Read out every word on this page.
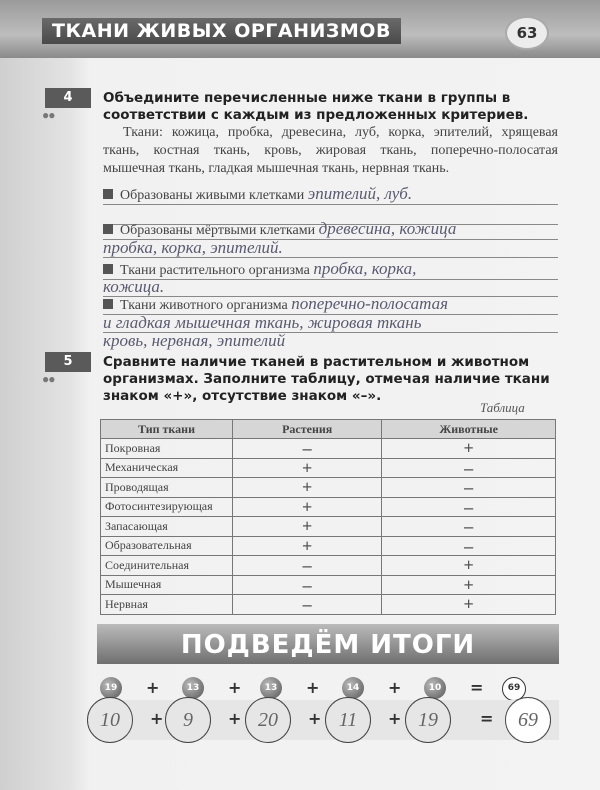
ТКАНИ ЖИВЫХ ОРГАНИЗМОВ	63
4
●●
Объедините перечисленные ниже ткани в группы в соответствии с каждым из предложенных критериев.
Ткани: кожица, пробка, древесина, луб, корка, эпителий, хрящевая ткань, костная ткань, кровь, жировая ткань, поперечно-полосатая мышечная ткань, гладкая мышечная ткань, нервная ткань.
Образованы живыми клетками эпителий, луб.
Образованы мёртвыми клетками древесина, кожица
пробка, корка, эпителий.
Ткани растительного организма пробка, корка,
кожица.
Ткани животного организма поперечно-полосатая
и гладкая мышечная ткань, жировая ткань
кровь, нервная, эпителий
5
●●
Сравните наличие тканей в растительном и животном организмах. Заполните таблицу, отмечая наличие ткани знаком «+», отсутствие знаком «–».
Таблица
Тип ткани	Растения	Животные
Покровная	–	+
Механическая	+	–
Проводящая	+	–
Фотосинтезирующая	+	–
Запасающая	+	–
Образовательная	+	–
Соединительная	–	+
Мышечная	–	+
Нервная	–	+
ПОДВЕДЁМ ИТОГИ
19 +	13 +	13 +	14 +	10 =	69
10	+ 9	+ 20	+ 11	+ 19	=	69
